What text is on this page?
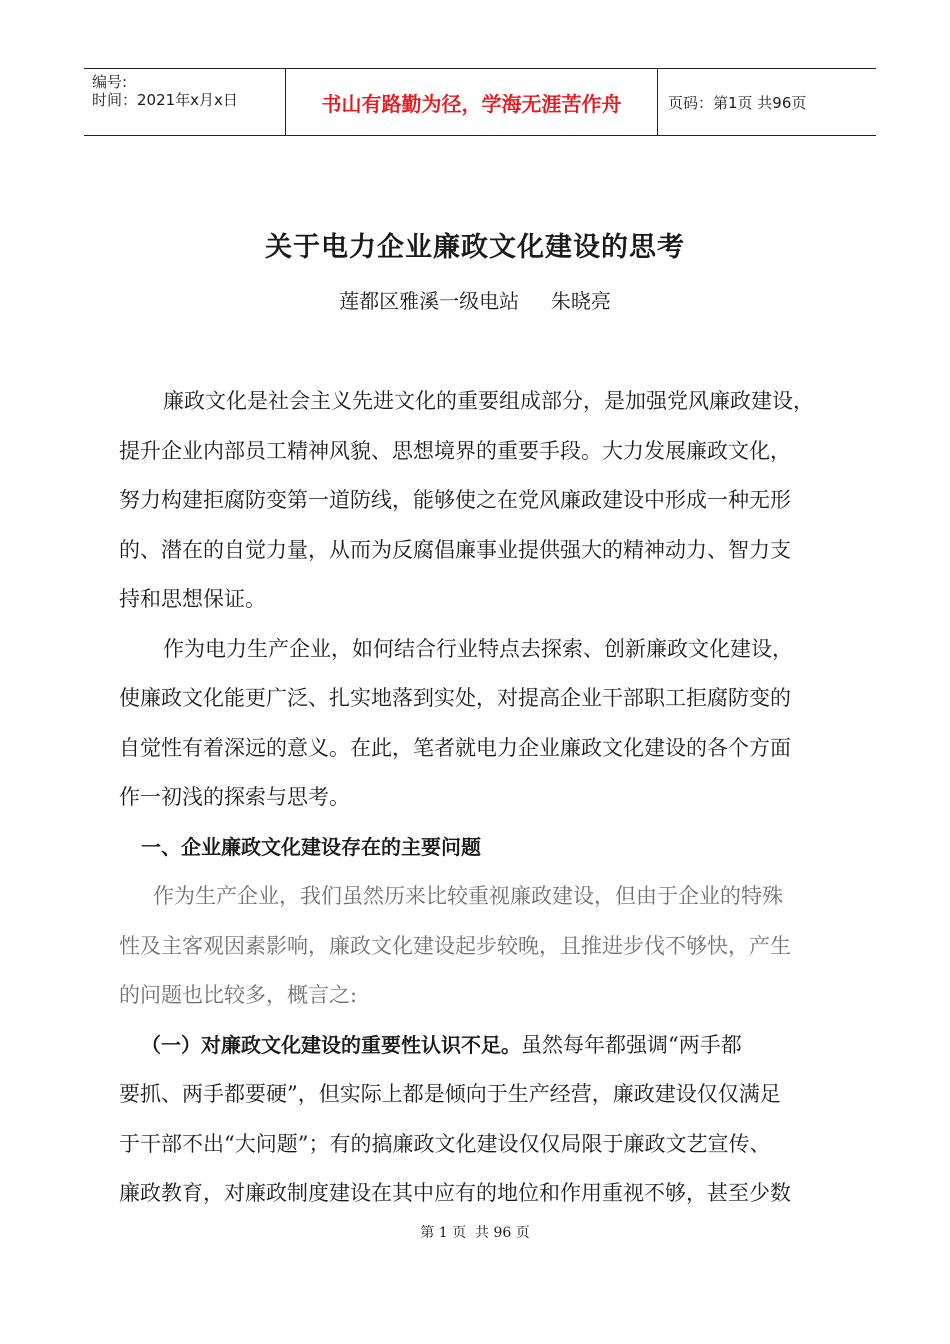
编号:
时间：2021年x月x日	书山有路勤为径，学海无涯苦作舟	页码：第1页 共96页
关于电力企业廉政文化建设的思考
莲都区雅溪一级电站     朱晓亮
廉政文化是社会主义先进文化的重要组成部分，是加强党风廉政建设，
提升企业内部员工精神风貌、思想境界的重要手段。大力发展廉政文化，
努力构建拒腐防变第一道防线，能够使之在党风廉政建设中形成一种无形
的、潜在的自觉力量，从而为反腐倡廉事业提供强大的精神动力、智力支
持和思想保证。
作为电力生产企业，如何结合行业特点去探索、创新廉政文化建设，
使廉政文化能更广泛、扎实地落到实处，对提高企业干部职工拒腐防变的
自觉性有着深远的意义。在此，笔者就电力企业廉政文化建设的各个方面
作一初浅的探索与思考。
一、企业廉政文化建设存在的主要问题
作为生产企业，我们虽然历来比较重视廉政建设，但由于企业的特殊
性及主客观因素影响，廉政文化建设起步较晚，且推进步伐不够快，产生
的问题也比较多，概言之:
（一）对廉政文化建设的重要性认识不足。虽然每年都强调“两手都
要抓、两手都要硬”，但实际上都是倾向于生产经营，廉政建设仅仅满足
于干部不出“大问题”；有的搞廉政文化建设仅仅局限于廉政文艺宣传、
廉政教育，对廉政制度建设在其中应有的地位和作用重视不够，甚至少数
第 1 页  共 96 页
